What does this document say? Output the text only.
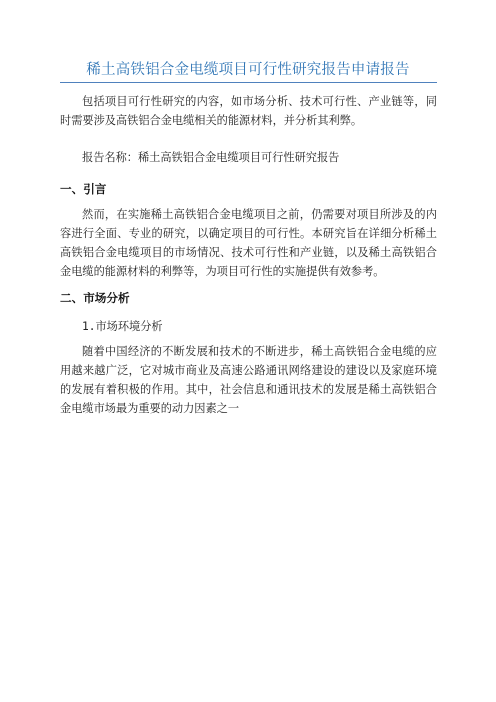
稀土高铁铝合金电缆项目可行性研究报告申请报告

包括项目可行性研究的内容，如市场分析、技术可行性、产业链等，同时需要涉及高铁铝合金电缆相关的能源材料，并分析其利弊。

报告名称：稀土高铁铝合金电缆项目可行性研究报告

一、引言

然而，在实施稀土高铁铝合金电缆项目之前，仍需要对项目所涉及的内容进行全面、专业的研究，以确定项目的可行性。本研究旨在详细分析稀土高铁铝合金电缆项目的市场情况、技术可行性和产业链，以及稀土高铁铝合金电缆的能源材料的利弊等，为项目可行性的实施提供有效参考。

二、市场分析
1.市场环境分析

随着中国经济的不断发展和技术的不断进步，稀土高铁铝合金电缆的应用越来越广泛，它对城市商业及高速公路通讯网络建设的建设以及家庭环境的发展有着积极的作用。其中，社会信息和通讯技术的发展是稀土高铁铝合金电缆市场最为重要的动力因素之一
